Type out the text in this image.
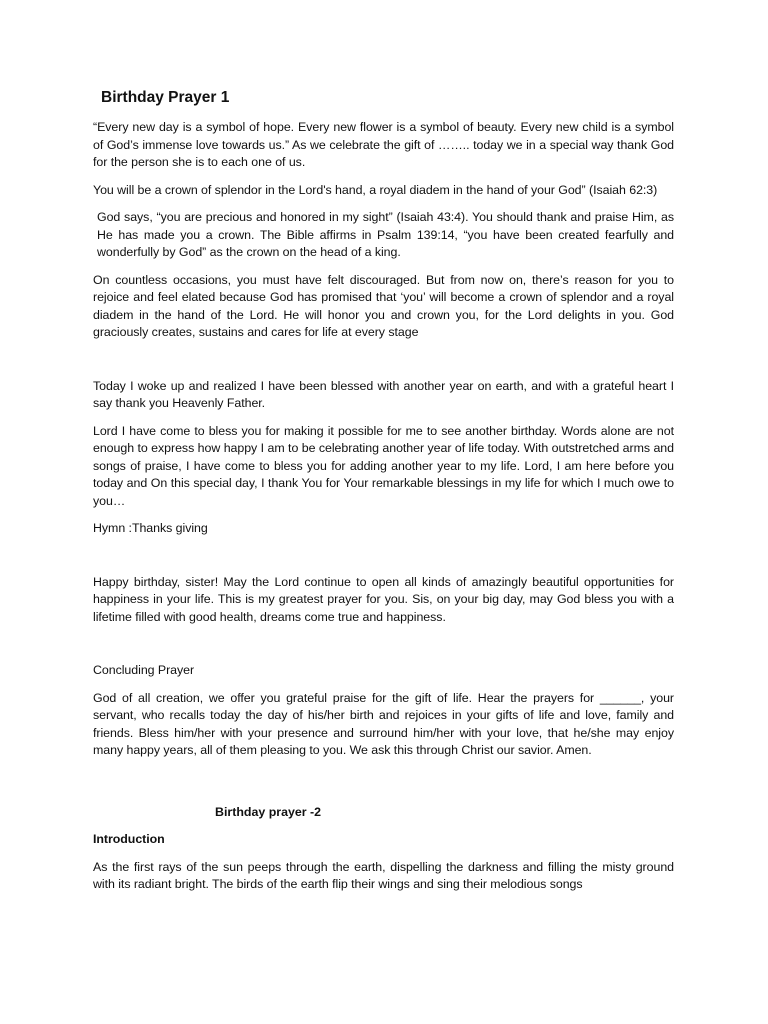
Birthday Prayer 1

“Every new day is a symbol of hope. Every new flower is a symbol of beauty. Every new child is a symbol of God’s immense love towards us.” As we celebrate the gift of …….. today we in a special way thank God for the person she is to each one of us.

You will be a crown of splendor in the Lord's hand, a royal diadem in the hand of your God” (Isaiah 62:3)

God says, “you are precious and honored in my sight” (Isaiah 43:4). You should thank and praise Him, as He has made you a crown. The Bible affirms in Psalm 139:14, “you have been created fearfully and wonderfully by God” as the crown on the head of a king.

On countless occasions, you must have felt discouraged. But from now on, there’s reason for you to rejoice and feel elated because God has promised that ‘you’ will become a crown of splendor and a royal diadem in the hand of the Lord. He will honor you and crown you, for the Lord delights in you. God graciously creates, sustains and cares for life at every stage

Today I woke up and realized I have been blessed with another year on earth, and with a grateful heart I say thank you Heavenly Father.

Lord I have come to bless you for making it possible for me to see another birthday. Words alone are not enough to express how happy I am to be celebrating another year of life today. With outstretched arms and songs of praise, I have come to bless you for adding another year to my life. Lord, I am here before you today and On this special day, I thank You for Your remarkable blessings in my life for which I much owe to you…

Hymn :Thanks giving

Happy birthday, sister! May the Lord continue to open all kinds of amazingly beautiful opportunities for happiness in your life. This is my greatest prayer for you. Sis, on your big day, may God bless you with a lifetime filled with good health, dreams come true and happiness.

Concluding Prayer

God of all creation, we offer you grateful praise for the gift of life. Hear the prayers for ______, your servant, who recalls today the day of his/her birth and rejoices in your gifts of life and love, family and friends. Bless him/her with your presence and surround him/her with your love, that he/she may enjoy many happy years, all of them pleasing to you. We ask this through Christ our savior. Amen.

Birthday prayer -2

Introduction

As the first rays of the sun peeps through the earth, dispelling the darkness and filling the misty ground with its radiant bright. The birds of the earth flip their wings and sing their melodious songs
